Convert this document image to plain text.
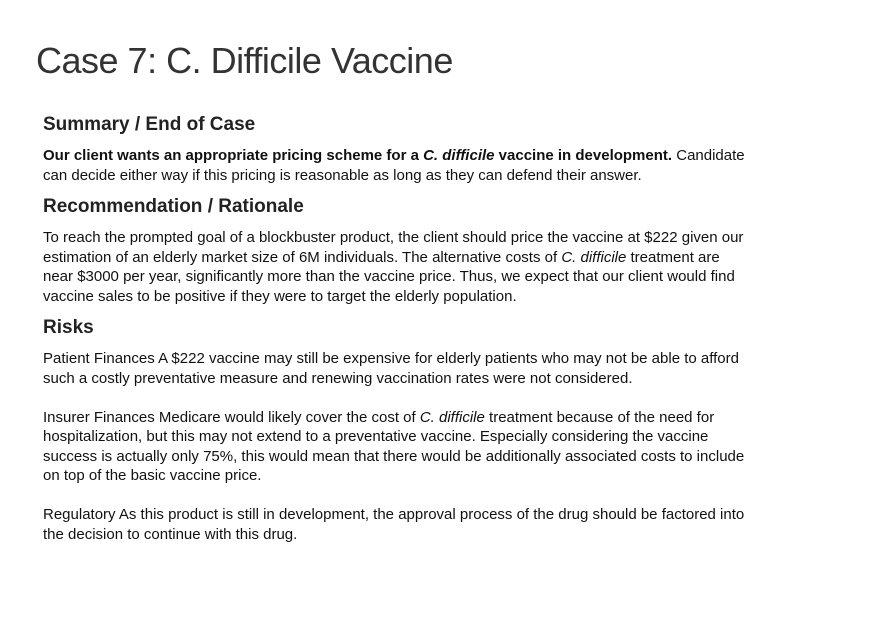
Case 7: C. Difficile Vaccine
Summary / End of Case

Our client wants an appropriate pricing scheme for a C. difficile vaccine in development. Candidate can decide either way if this pricing is reasonable as long as they can defend their answer.

Recommendation / Rationale

To reach the prompted goal of a blockbuster product, the client should price the vaccine at $222 given our estimation of an elderly market size of 6M individuals. The alternative costs of C. difficile treatment are near $3000 per year, significantly more than the vaccine price. Thus, we expect that our client would find vaccine sales to be positive if they were to target the elderly population.

Risks

Patient Finances A $222 vaccine may still be expensive for elderly patients who may not be able to afford such a costly preventative measure and renewing vaccination rates were not considered.

Insurer Finances Medicare would likely cover the cost of C. difficile treatment because of the need for hospitalization, but this may not extend to a preventative vaccine. Especially considering the vaccine success is actually only 75%, this would mean that there would be additionally associated costs to include on top of the basic vaccine price.

Regulatory As this product is still in development, the approval process of the drug should be factored into the decision to continue with this drug.
